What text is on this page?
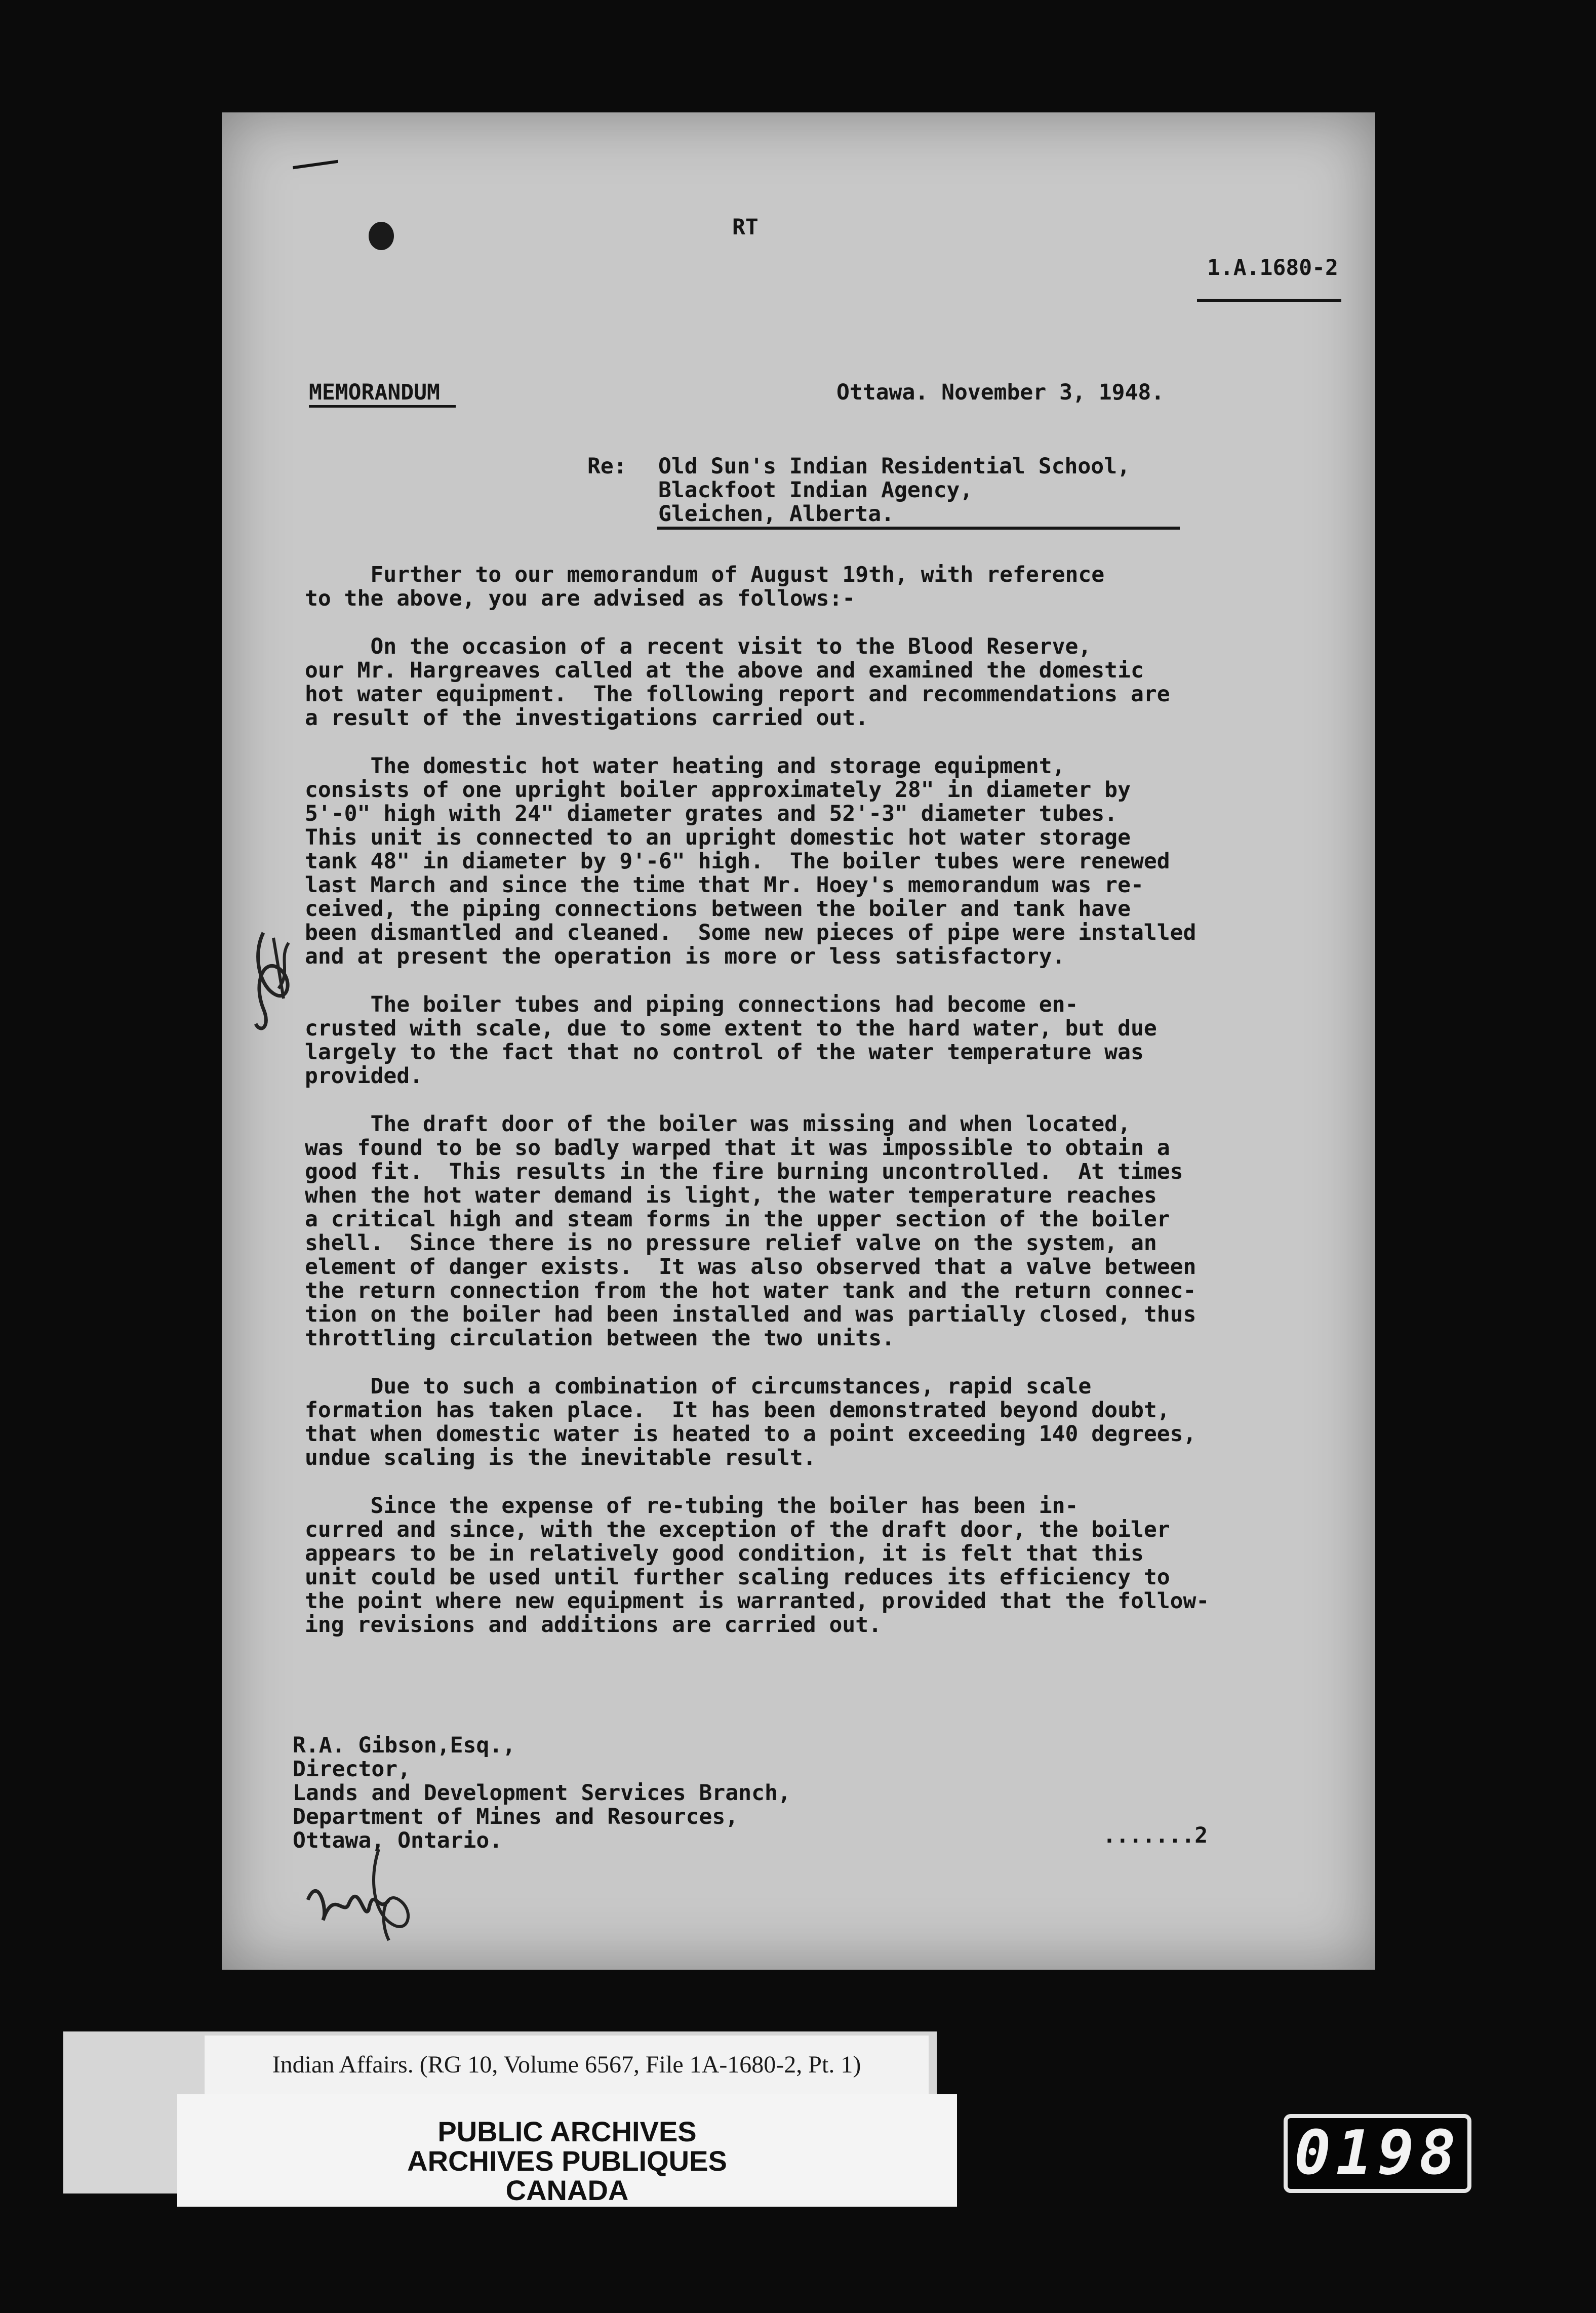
RT
1.A.1680-2
MEMORANDUM	Ottawa. November 3, 1948.
Re: Old Sun's Indian Residential School,
Blackfoot Indian Agency,
Gleichen, Alberta.
Further to our memorandum of August 19th, with reference
to the above, you are advised as follows:-
On the occasion of a recent visit to the Blood Reserve,
our Mr. Hargreaves called at the above and examined the domestic
hot water equipment.  The following report and recommendations are
a result of the investigations carried out.
The domestic hot water heating and storage equipment,
consists of one upright boiler approximately 28" in diameter by
5'-0" high with 24" diameter grates and 52'-3" diameter tubes.
This unit is connected to an upright domestic hot water storage
tank 48" in diameter by 9'-6" high.  The boiler tubes were renewed
last March and since the time that Mr. Hoey's memorandum was re-
ceived, the piping connections between the boiler and tank have
been dismantled and cleaned.  Some new pieces of pipe were installed
and at present the operation is more or less satisfactory.
The boiler tubes and piping connections had become en-
crusted with scale, due to some extent to the hard water, but due
largely to the fact that no control of the water temperature was
provided.
The draft door of the boiler was missing and when located,
was found to be so badly warped that it was impossible to obtain a
good fit.  This results in the fire burning uncontrolled.  At times
when the hot water demand is light, the water temperature reaches
a critical high and steam forms in the upper section of the boiler
shell.  Since there is no pressure relief valve on the system, an
element of danger exists.  It was also observed that a valve between
the return connection from the hot water tank and the return connec-
tion on the boiler had been installed and was partially closed, thus
throttling circulation between the two units.
Due to such a combination of circumstances, rapid scale
formation has taken place.  It has been demonstrated beyond doubt,
that when domestic water is heated to a point exceeding 140 degrees,
undue scaling is the inevitable result.
Since the expense of re-tubing the boiler has been in-
curred and since, with the exception of the draft door, the boiler
appears to be in relatively good condition, it is felt that this
unit could be used until further scaling reduces its efficiency to
the point where new equipment is warranted, provided that the follow-
ing revisions and additions are carried out.
R.A. Gibson,Esq.,
Director,
Lands and Development Services Branch,
Department of Mines and Resources,
Ottawa, Ontario.	.......2
Indian Affairs. (RG 10, Volume 6567, File 1A-1680-2, Pt. 1)
PUBLIC ARCHIVES
ARCHIVES PUBLIQUES
CANADA
0198
